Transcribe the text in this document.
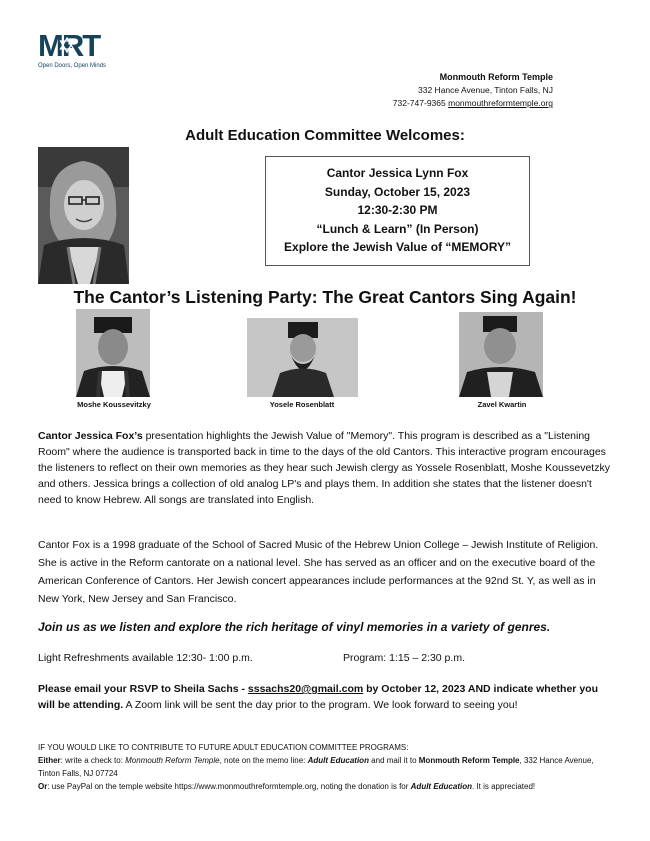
MRT
Open Doors, Open Minds
Monmouth Reform Temple
332 Hance Avenue, Tinton Falls, NJ
732-747-9365 monmouthreformtemple.org
Adult Education Committee Welcomes:
Cantor Jessica Lynn Fox
Sunday, October 15, 2023
12:30-2:30 PM
“Lunch & Learn” (In Person)
Explore the Jewish Value of “MEMORY”
The Cantor’s Listening Party: The Great Cantors Sing Again!
Moshe Koussevitzky	Yosele Rosenblatt	Zavel Kwartin
Cantor Jessica Fox’s presentation highlights the Jewish Value of "Memory". This program is described as a "Listening Room" where the audience is transported back in time to the days of the old Cantors. This interactive program encourages the listeners to reflect on their own memories as they hear such Jewish clergy as Yossele Rosenblatt, Moshe Koussevetzky and others. Jessica brings a collection of old analog LP's and plays them. In addition she states that the listener doesn't need to know Hebrew. All songs are translated into English.
Cantor Fox is a 1998 graduate of the School of Sacred Music of the Hebrew Union College – Jewish Institute of Religion. She is active in the Reform cantorate on a national level. She has served as an officer and on the executive board of the American Conference of Cantors. Her Jewish concert appearances include performances at the 92nd St. Y, as well as in New York, New Jersey and San Francisco.
Join us as we listen and explore the rich heritage of vinyl memories in a variety of genres.
Light Refreshments available 12:30- 1:00 p.m.	Program: 1:15 – 2:30 p.m.
Please email your RSVP to Sheila Sachs - sssachs20@gmail.com by October 12, 2023 AND indicate whether you will be attending. A Zoom link will be sent the day prior to the program. We look forward to seeing you!
IF YOU WOULD LIKE TO CONTRIBUTE TO FUTURE ADULT EDUCATION COMMITTEE PROGRAMS:
Either: write a check to: Monmouth Reform Temple, note on the memo line: Adult Education and mail it to Monmouth Reform Temple, 332 Hance Avenue, Tinton Falls, NJ 07724
Or: use PayPal on the temple website https://www.monmouthreformtemple.org, noting the donation is for Adult Education. It is appreciated!
